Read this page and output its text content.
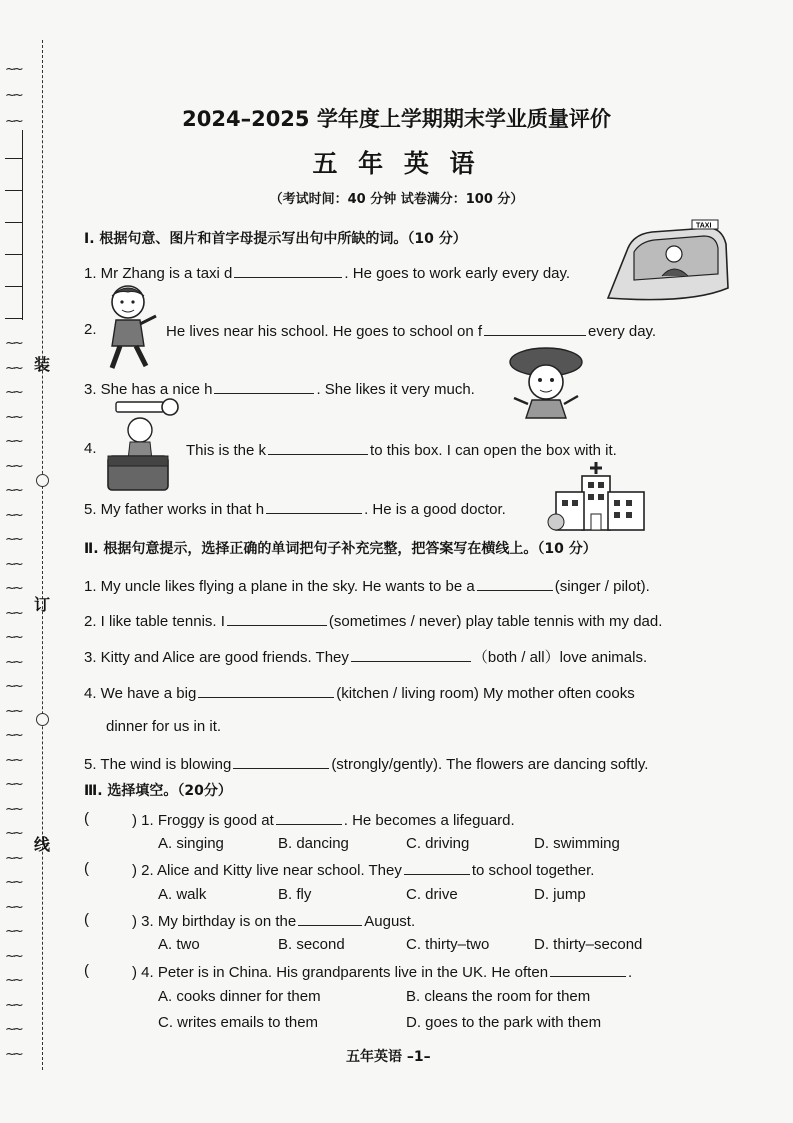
装
订
线
~~
~~
~~
~~
~~
~~
~~
~~
~~
~~
~~
~~
~~
~~
~~
~~
~~
~~
~~
~~
~~
~~
~~
~~
~~
~~
~~
~~
~~
~~
~~
~~
~~
2024–2025 学年度上学期期末学业质量评价
五 年 英 语
（考试时间：40 分钟 试卷满分：100 分）
Ⅰ. 根据句意、图片和首字母提示写出句中所缺的词。（10 分）
1. Mr Zhang is a taxi d	. He goes to work early every day.
2.	He lives near his school. He goes to school on f	every day.
3. She has a nice h	. She likes it very much.
4.	This is the k	to this box. I can open the box with it.
5. My father works in that h	. He is a good doctor.
TAXI
Ⅱ. 根据句意提示，选择正确的单词把句子补充完整，把答案写在横线上。（10 分）
1. My uncle likes flying a plane in the sky. He wants to be a	(singer / pilot).
2. I like table tennis. I	(sometimes / never) play table tennis with my dad.
3. Kitty and Alice are good friends. They	（both / all）love animals.
4. We have a big	(kitchen / living room) My mother often cooks
dinner for us in it.
5. The wind is blowing	(strongly/gently). The flowers are dancing softly.
Ⅲ. 选择填空。（20分）
(	) 1. Froggy is good at	. He becomes a lifeguard.
A. singing	B. dancing	C. driving	D. swimming
(	) 2. Alice and Kitty live near school. They	to school together.
A. walk	B. fly	C. drive	D. jump
(	) 3. My birthday is on the	August.
A. two	B. second	C. thirty–two	D. thirty–second
(	) 4. Peter is in China. His grandparents live in the UK. He often	.
A. cooks dinner for them	B. cleans the room for them
C. writes emails to them	D. goes to the park with them
五年英语 –1–
